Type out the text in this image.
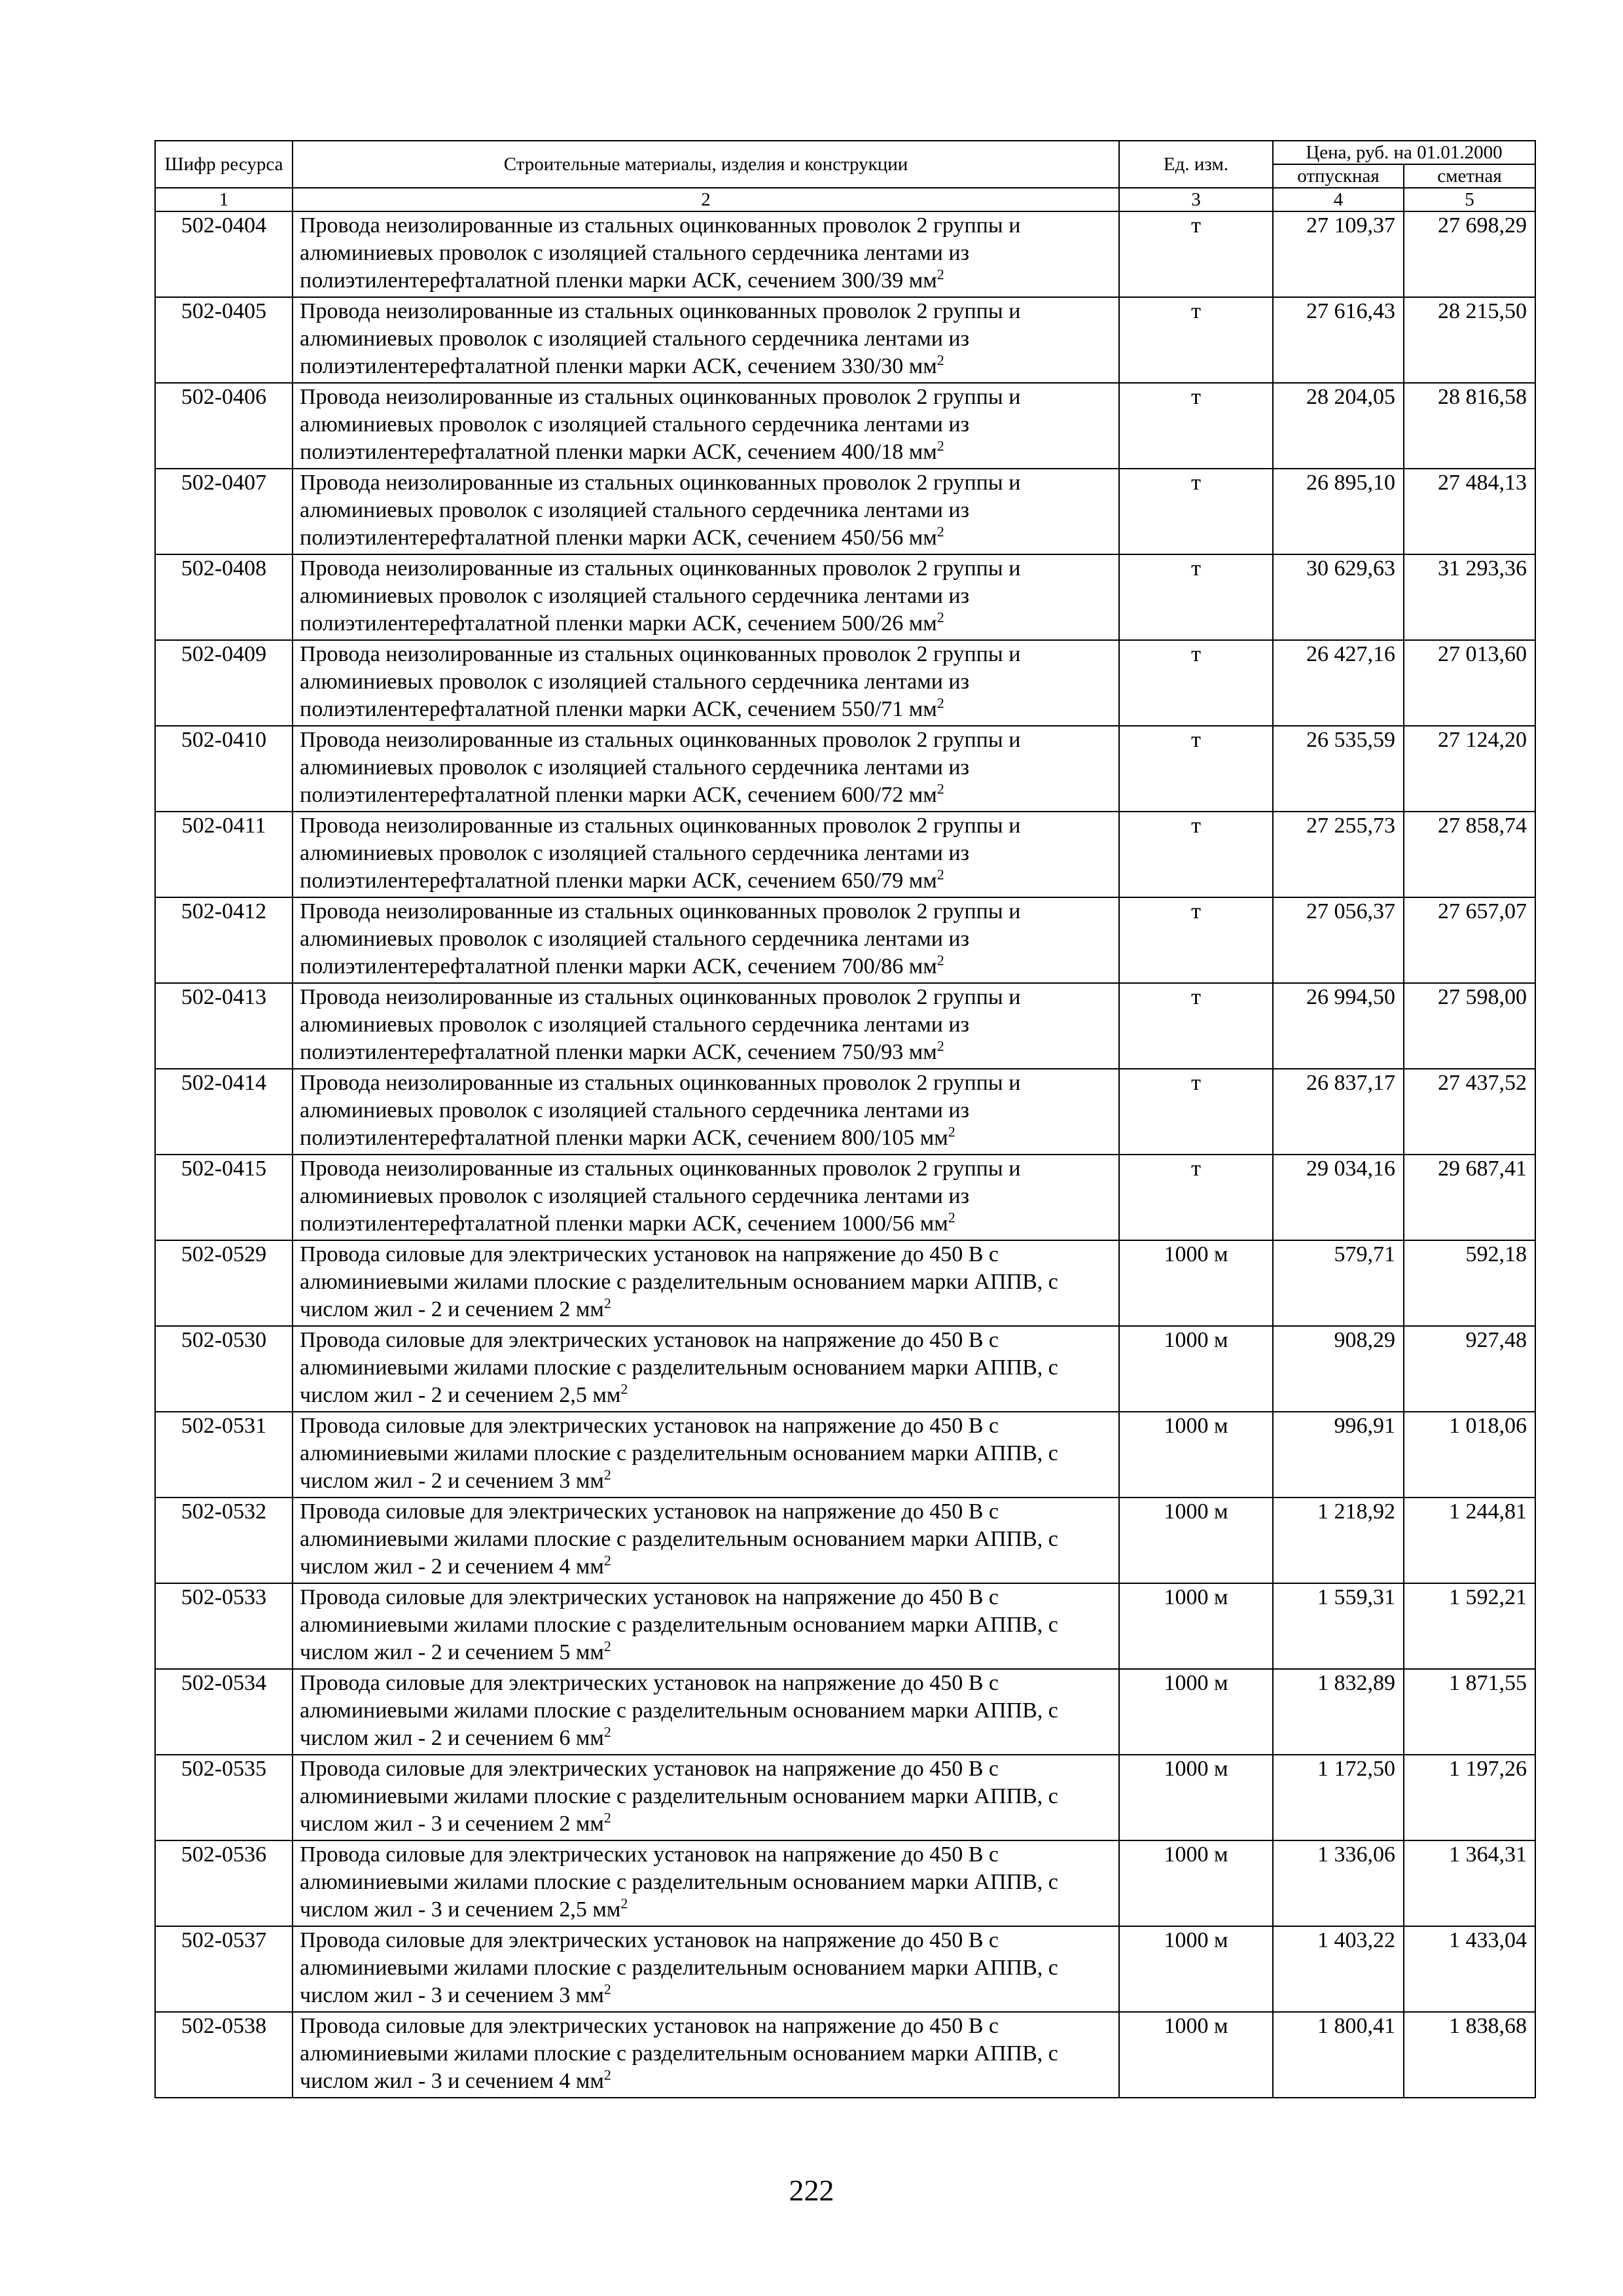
Шифр ресурса	Строительные материалы, изделия и конструкции	Ед. изм.	Цена, руб. на 01.01.2000	
			отпускная	сметная
1	2	3	4	5
502-0404	Провода неизолированные из стальных оцинкованных проволок 2 группы и алюминиевых проволок с изоляцией стального сердечника лентами из полиэтилентерефталатной пленки марки АСК, сечением 300/39 $мм^2$	т	27 109,37	27 698,29
502-0405	Провода неизолированные из стальных оцинкованных проволок 2 группы и алюминиевых проволок с изоляцией стального сердечника лентами из полиэтилентерефталатной пленки марки АСК, сечением 330/30 $мм^2$	т	27 616,43	28 215,50
502-0406	Провода неизолированные из стальных оцинкованных проволок 2 группы и алюминиевых проволок с изоляцией стального сердечника лентами из полиэтилентерефталатной пленки марки АСК, сечением 400/18 $мм^2$	т	28 204,05	28 816,58
502-0407	Провода неизолированные из стальных оцинкованных проволок 2 группы и алюминиевых проволок с изоляцией стального сердечника лентами из полиэтилентерефталатной пленки марки АСК, сечением 450/56 $мм^2$	т	26 895,10	27 484,13
502-0408	Провода неизолированные из стальных оцинкованных проволок 2 группы и алюминиевых проволок с изоляцией стального сердечника лентами из полиэтилентерефталатной пленки марки АСК, сечением 500/26 $мм^2$	т	30 629,63	31 293,36
502-0409	Провода неизолированные из стальных оцинкованных проволок 2 группы и алюминиевых проволок с изоляцией стального сердечника лентами из полиэтилентерефталатной пленки марки АСК, сечением 550/71 $мм^2$	т	26 427,16	27 013,60
502-0410	Провода неизолированные из стальных оцинкованных проволок 2 группы и алюминиевых проволок с изоляцией стального сердечника лентами из полиэтилентерефталатной пленки марки АСК, сечением 600/72 $мм^2$	т	26 535,59	27 124,20
502-0411	Провода неизолированные из стальных оцинкованных проволок 2 группы и алюминиевых проволок с изоляцией стального сердечника лентами из полиэтилентерефталатной пленки марки АСК, сечением 650/79 $мм^2$	т	27 255,73	27 858,74
502-0412	Провода неизолированные из стальных оцинкованных проволок 2 группы и алюминиевых проволок с изоляцией стального сердечника лентами из полиэтилентерефталатной пленки марки АСК, сечением 700/86 $мм^2$	т	27 056,37	27 657,07
502-0413	Провода неизолированные из стальных оцинкованных проволок 2 группы и алюминиевых проволок с изоляцией стального сердечника лентами из полиэтилентерефталатной пленки марки АСК, сечением 750/93 $мм^2$	т	26 994,50	27 598,00
502-0414	Провода неизолированные из стальных оцинкованных проволок 2 группы и алюминиевых проволок с изоляцией стального сердечника лентами из полиэтилентерефталатной пленки марки АСК, сечением 800/105 $мм^2$	т	26 837,17	27 437,52
502-0415	Провода неизолированные из стальных оцинкованных проволок 2 группы и алюминиевых проволок с изоляцией стального сердечника лентами из полиэтилентерефталатной пленки марки АСК, сечением 1000/56 $мм^2$	т	29 034,16	29 687,41
502-0529	Провода силовые для электрических установок на напряжение до 450 В с алюминиевыми жилами плоские с разделительным основанием марки АППВ, с числом жил - 2 и сечением 2 $мм^2$	1000 м	579,71	592,18
502-0530	Провода силовые для электрических установок на напряжение до 450 В с алюминиевыми жилами плоские с разделительным основанием марки АППВ, с числом жил - 2 и сечением 2,5 $мм^2$	1000 м	908,29	927,48
502-0531	Провода силовые для электрических установок на напряжение до 450 В с алюминиевыми жилами плоские с разделительным основанием марки АППВ, с числом жил - 2 и сечением 3 $мм^2$	1000 м	996,91	1 018,06
502-0532	Провода силовые для электрических установок на напряжение до 450 В с алюминиевыми жилами плоские с разделительным основанием марки АППВ, с числом жил - 2 и сечением 4 $мм^2$	1000 м	1 218,92	1 244,81
502-0533	Провода силовые для электрических установок на напряжение до 450 В с алюминиевыми жилами плоские с разделительным основанием марки АППВ, с числом жил - 2 и сечением 5 $мм^2$	1000 м	1 559,31	1 592,21
502-0534	Провода силовые для электрических установок на напряжение до 450 В с алюминиевыми жилами плоские с разделительным основанием марки АППВ, с числом жил - 2 и сечением 6 $мм^2$	1000 м	1 832,89	1 871,55
502-0535	Провода силовые для электрических установок на напряжение до 450 В с алюминиевыми жилами плоские с разделительным основанием марки АППВ, с числом жил - 3 и сечением 2 $мм^2$	1000 м	1 172,50	1 197,26
502-0536	Провода силовые для электрических установок на напряжение до 450 В с алюминиевыми жилами плоские с разделительным основанием марки АППВ, с числом жил - 3 и сечением 2,5 $мм^2$	1000 м	1 336,06	1 364,31
502-0537	Провода силовые для электрических установок на напряжение до 450 В с алюминиевыми жилами плоские с разделительным основанием марки АППВ, с числом жил - 3 и сечением 3 $мм^2$	1000 м	1 403,22	1 433,04
502-0538	Провода силовые для электрических установок на напряжение до 450 В с алюминиевыми жилами плоские с разделительным основанием марки АППВ, с числом жил - 3 и сечением 4 $мм^2$	1000 м	1 800,41	1 838,68
222
